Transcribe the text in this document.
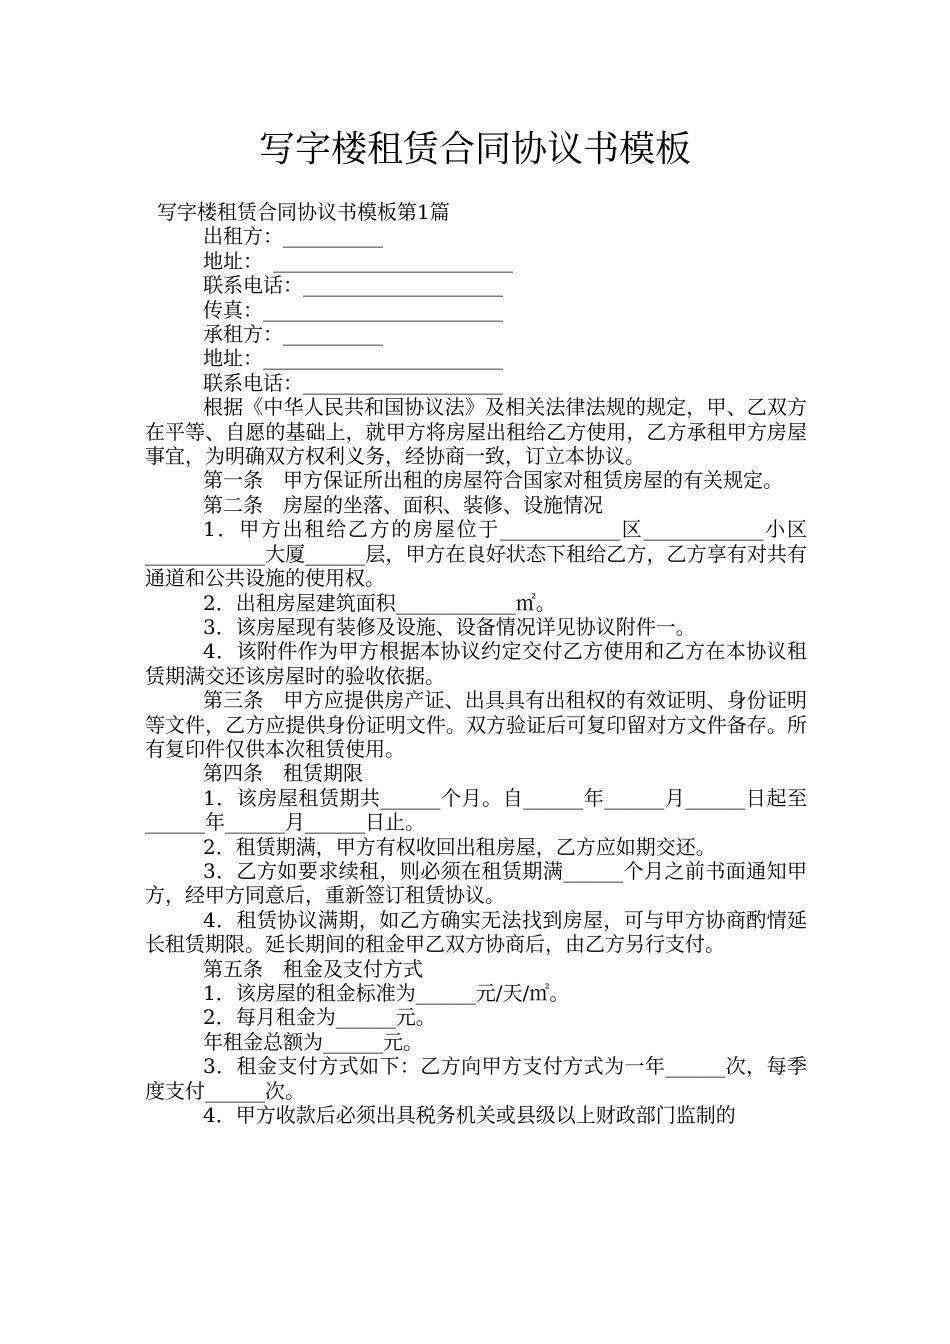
写字楼租赁合同协议书模板
写字楼租赁合同协议书模板第1篇
出租方：__________
地址：　________________________
联系电话：____________________
传真：________________________
承租方：__________
地址：________________________
联系电话：____________________
根据《中华人民共和国协议法》及相关法律法规的规定，甲、乙双方在平等、自愿的基础上，就甲方将房屋出租给乙方使用，乙方承租甲方房屋事宜，为明确双方权利义务，经协商一致，订立本协议。
第一条　甲方保证所出租的房屋符合国家对租赁房屋的有关规定。
第二条　房屋的坐落、面积、装修、设施情况
1．甲方出租给乙方的房屋位于____________区____________小区____________大厦______层，甲方在良好状态下租给乙方，乙方享有对共有通道和公共设施的使用权。
2．出租房屋建筑面积____________㎡。
3．该房屋现有装修及设施、设备情况详见协议附件一。
4．该附件作为甲方根据本协议约定交付乙方使用和乙方在本协议租赁期满交还该房屋时的验收依据。
第三条　甲方应提供房产证、出具具有出租权的有效证明、身份证明等文件，乙方应提供身份证明文件。双方验证后可复印留对方文件备存。所有复印件仅供本次租赁使用。
第四条　租赁期限
1．该房屋租赁期共______个月。自______年______月______日起至______年______月______日止。
2．租赁期满，甲方有权收回出租房屋，乙方应如期交还。
3．乙方如要求续租，则必须在租赁期满______个月之前书面通知甲方，经甲方同意后，重新签订租赁协议。
4．租赁协议满期，如乙方确实无法找到房屋，可与甲方协商酌情延长租赁期限。延长期间的租金甲乙双方协商后，由乙方另行支付。
第五条　租金及支付方式
1．该房屋的租金标准为______元/天/㎡。
2．每月租金为______元。
年租金总额为______元。
3．租金支付方式如下：乙方向甲方支付方式为一年______次，每季度支付______次。
4．甲方收款后必须出具税务机关或县级以上财政部门监制的
